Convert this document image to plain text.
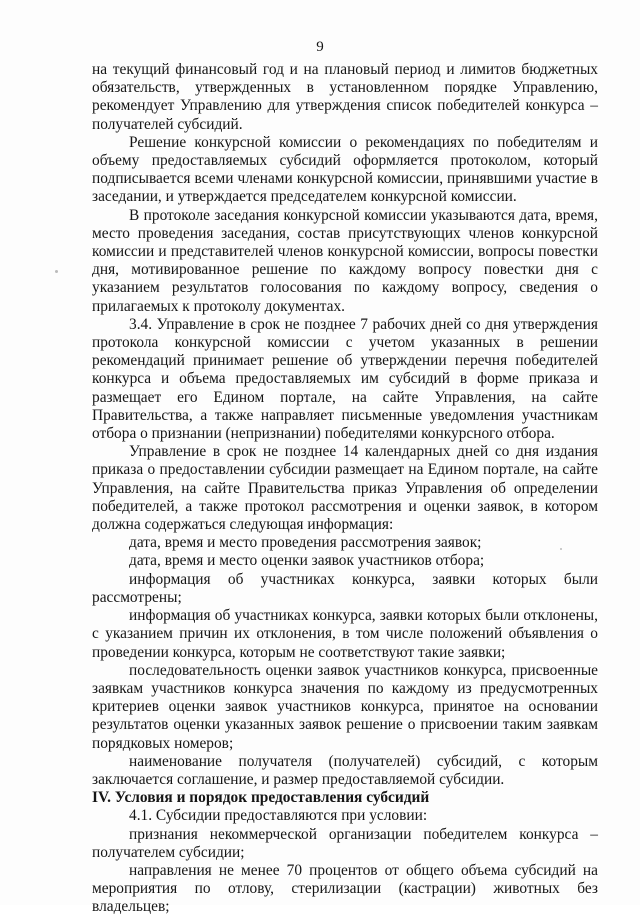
9

на текущий финансовый год и на плановый период и лимитов бюджетных обязательств, утвержденных в установленном порядке Управлению, рекомендует Управлению для утверждения список победителей конкурса – получателей субсидий.

Решение конкурсной комиссии о рекомендациях по победителям и объему предоставляемых субсидий оформляется протоколом, который подписывается всеми членами конкурсной комиссии, принявшими участие в заседании, и утверждается председателем конкурсной комиссии.

В протоколе заседания конкурсной комиссии указываются дата, время, место проведения заседания, состав присутствующих членов конкурсной комиссии и представителей членов конкурсной комиссии, вопросы повестки дня, мотивированное решение по каждому вопросу повестки дня с указанием результатов голосования по каждому вопросу, сведения о прилагаемых к протоколу документах.

3.4. Управление в срок не позднее 7 рабочих дней со дня утверждения протокола конкурсной комиссии с учетом указанных в решении рекомендаций принимает решение об утверждении перечня победителей конкурса и объема предоставляемых им субсидий в форме приказа и размещает его Едином портале, на сайте Управления, на сайте Правительства, а также направляет письменные уведомления участникам отбора о признании (непризнании) победителями конкурсного отбора.

Управление в срок не позднее 14 календарных дней со дня издания приказа о предоставлении субсидии размещает на Едином портале, на сайте Управления, на сайте Правительства приказ Управления об определении победителей, а также протокол рассмотрения и оценки заявок, в котором должна содержаться следующая информация:

дата, время и место проведения рассмотрения заявок;

дата, время и место оценки заявок участников отбора;

информация об участниках конкурса, заявки которых были рассмотрены;

информация об участниках конкурса, заявки которых были отклонены, с указанием причин их отклонения, в том числе положений объявления о проведении конкурса, которым не соответствуют такие заявки;

последовательность оценки заявок участников конкурса, присвоенные заявкам участников конкурса значения по каждому из предусмотренных критериев оценки заявок участников конкурса, принятое на основании результатов оценки указанных заявок решение о присвоении таким заявкам порядковых номеров;

наименование получателя (получателей) субсидий, с которым заключается соглашение, и размер предоставляемой субсидии.

IV. Условия и порядок предоставления субсидий

4.1. Субсидии предоставляются при условии:

признания некоммерческой организации победителем конкурса – получателем субсидии;

направления не менее 70 процентов от общего объема субсидий на мероприятия по отлову, стерилизации (кастрации) животных без владельцев;
